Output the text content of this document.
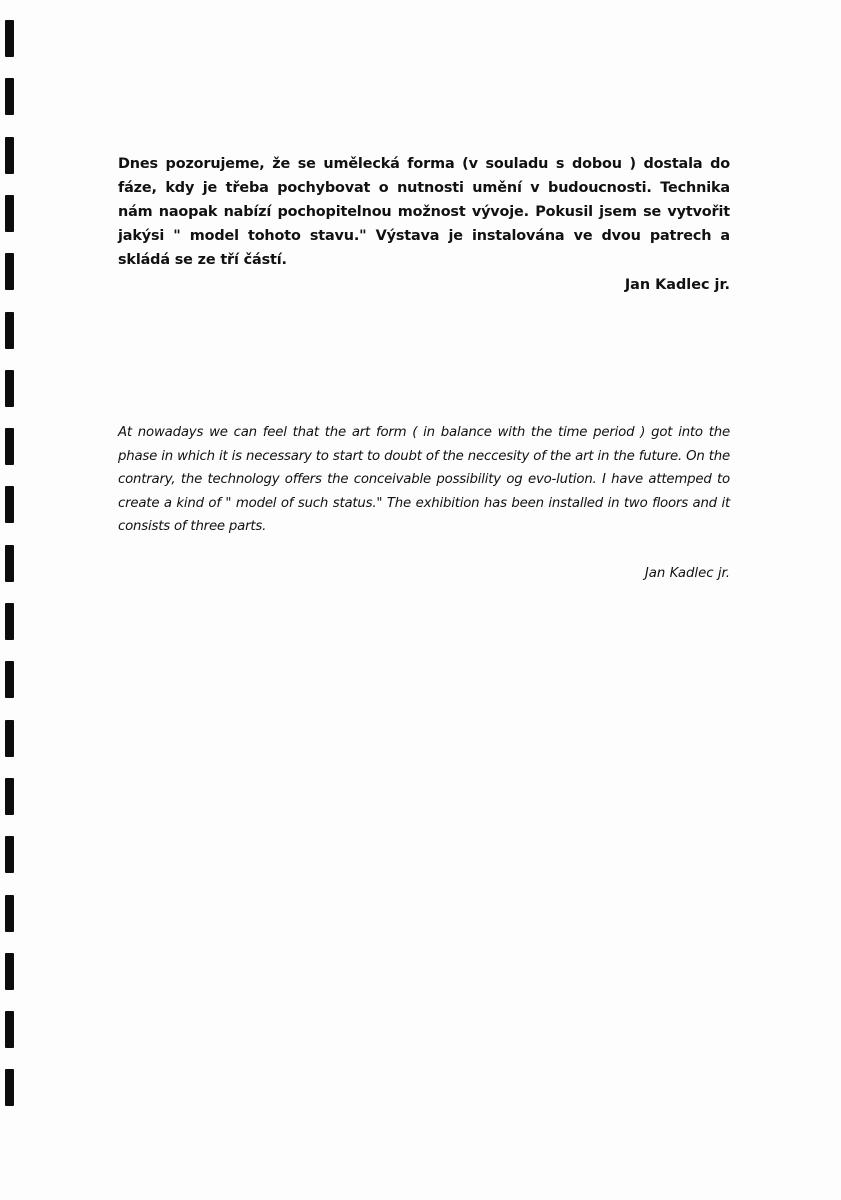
Dnes pozorujeme, že se umělecká forma (v souladu s dobou ) dostala do fáze, kdy je třeba pochybovat o nutnosti umění v budoucnosti. Technika nám naopak nabízí pochopitelnou možnost vývoje. Pokusil jsem se vytvořit jakýsi " model tohoto stavu." Výstava je instalována ve dvou patrech a skládá se ze tří částí.
Jan Kadlec jr.
At nowadays we can feel that the art form ( in balance with the time period ) got into the phase in which it is necessary to start to doubt of the neccesity of the art in the future. On the contrary, the technology offers the conceivable possibility og evo-lution. I have attemped to create a kind of " model of such status." The exhibition has been installed in two floors and it consists of three parts.
Jan Kadlec jr.
